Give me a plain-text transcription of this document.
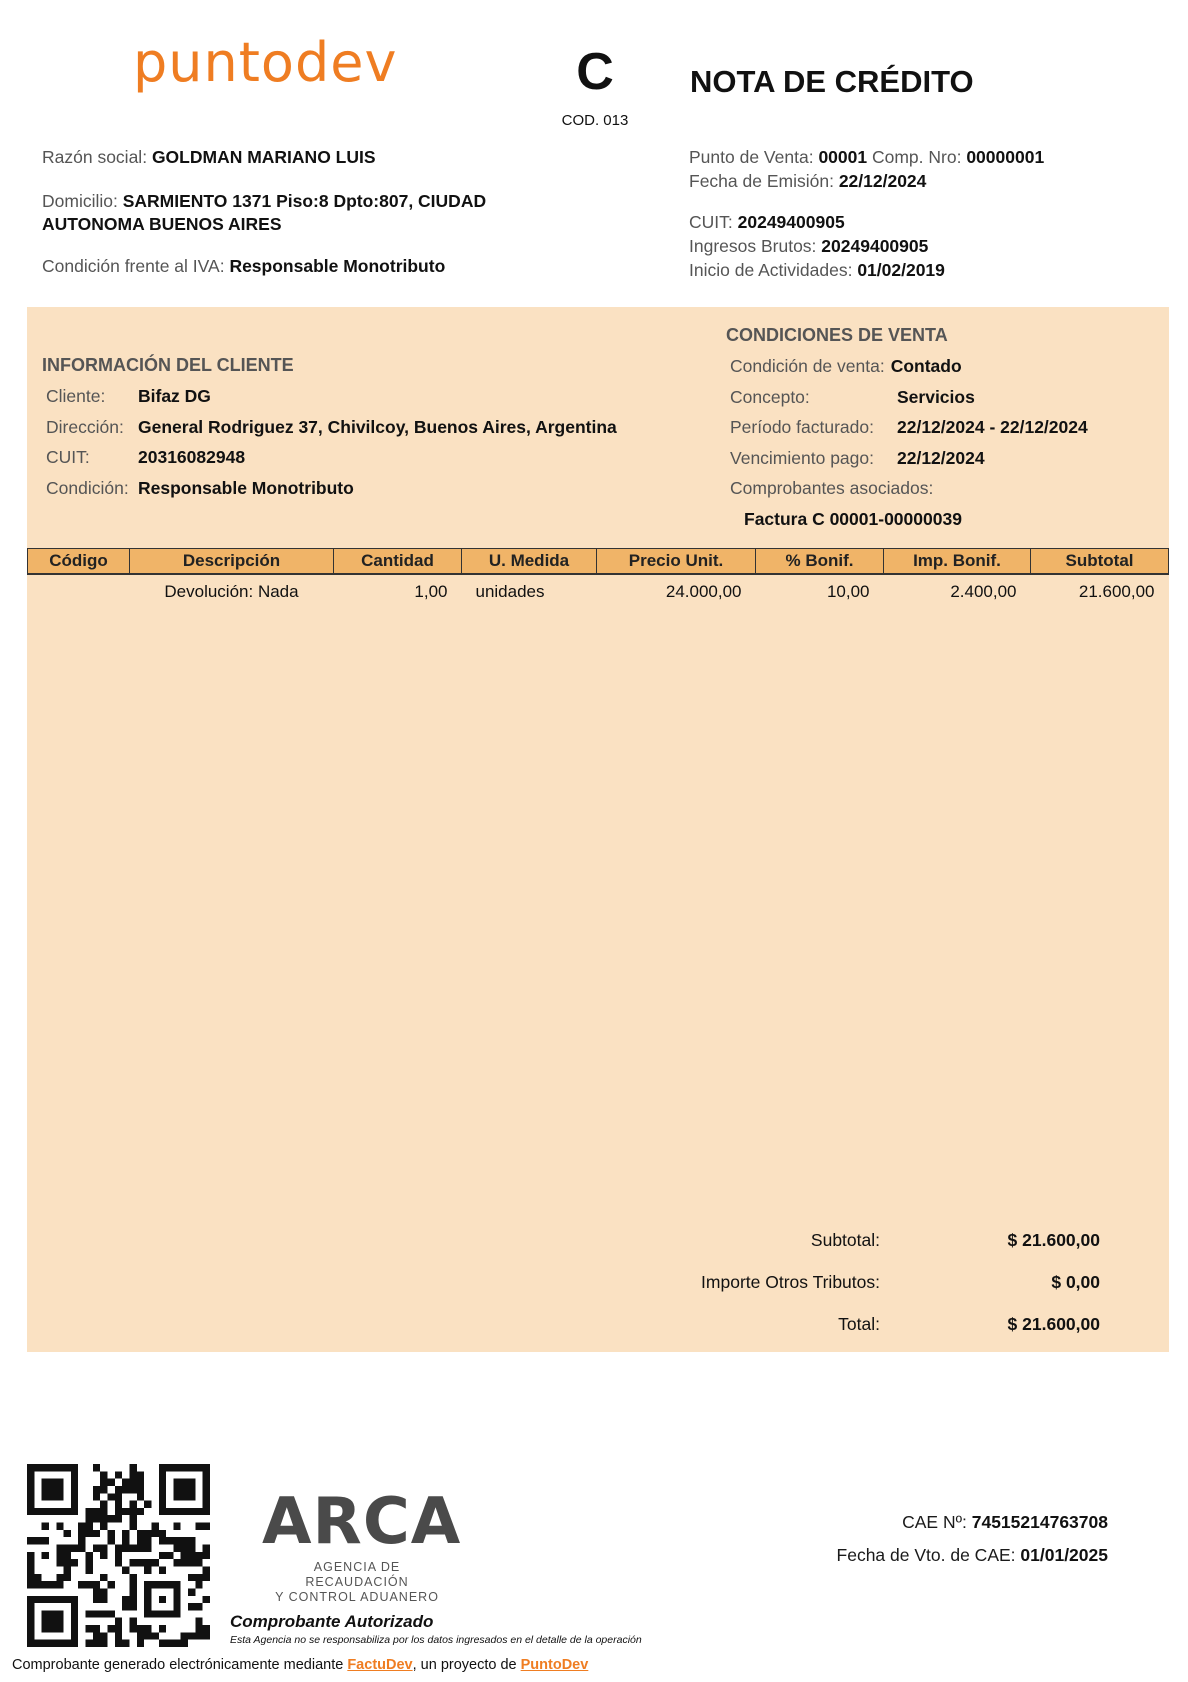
puntodev	C
COD. 013
NOTA DE CRÉDITO
Razón social: GOLDMAN MARIANO LUIS
Domicilio: SARMIENTO 1371 Piso:8 Dpto:807, CIUDAD
AUTONOMA BUENOS AIRES
Condición frente al IVA: Responsable Monotributo
Punto de Venta: 00001 Comp. Nro: 00000001
Fecha de Emisión: 22/12/2024
CUIT: 20249400905
Ingresos Brutos: 20249400905
Inicio de Actividades: 01/02/2019
INFORMACIÓN DEL CLIENTE
Cliente:	Bifaz DG
Dirección: General Rodriguez 37, Chivilcoy, Buenos Aires, Argentina
CUIT:	20316082948
Condición: Responsable Monotributo
CONDICIONES DE VENTA
Condición de venta: Contado
Concepto:	Servicios
Período facturado:	22/12/2024 - 22/12/2024
Vencimiento pago:	22/12/2024
Comprobantes asociados:
Factura C 00001-00000039
Código	Descripción	Cantidad	U. Medida	Precio Unit.	% Bonif.	Imp. Bonif.	Subtotal
	Devolución: Nada	1,00	unidades	24.000,00	10,00	2.400,00	21.600,00
Subtotal:	$ 21.600,00
Importe Otros Tributos:	$ 0,00
Total:	$ 21.600,00
ARCA
AGENCIA DE RECAUDACIÓN
Y CONTROL ADUANERO
Comprobante Autorizado
Esta Agencia no se responsabiliza por los datos ingresados en el detalle de la operación
CAE Nº: 74515214763708
Fecha de Vto. de CAE: 01/01/2025
Comprobante generado electrónicamente mediante FactuDev, un proyecto de PuntoDev
